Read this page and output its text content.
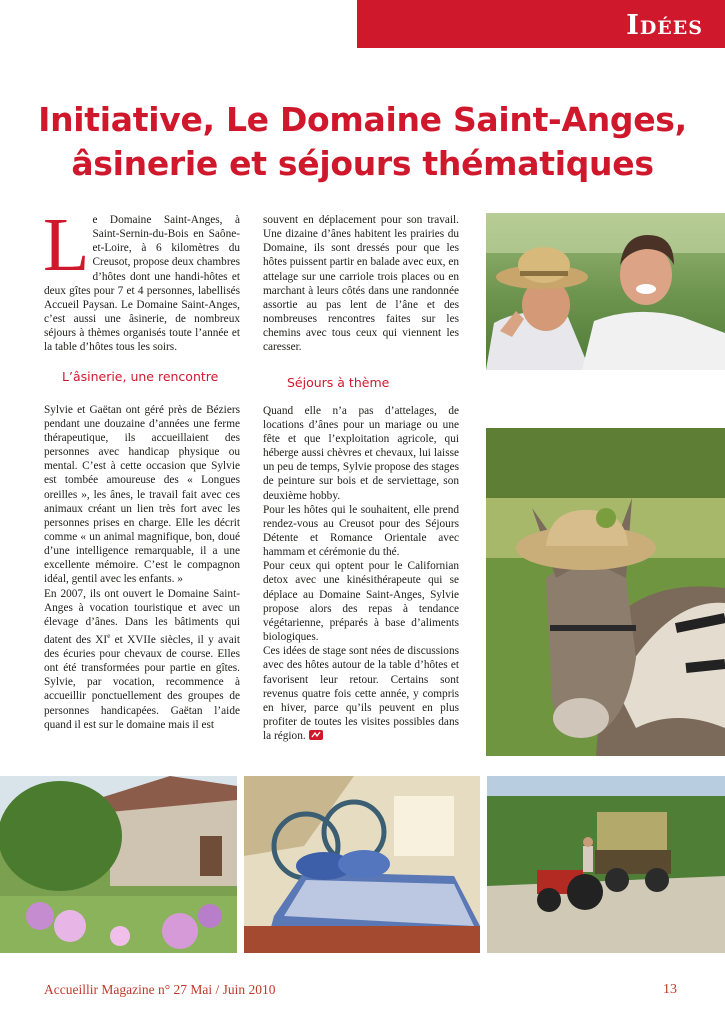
Idées
Initiative, Le Domaine Saint-Anges,
âsinerie et séjours thématiques

Le Domaine Saint-Anges, à Saint-Sernin-du-Bois en Saône-et-Loire, à 6 kilomètres du Creusot, propose deux chambres d’hôtes dont une handi-hôtes et deux gîtes pour 7 et 4 personnes, labellisés Accueil Paysan. Le Domaine Saint-Anges, c’est aussi une âsinerie, de nombreux séjours à thèmes organisés toute l’année et la table d’hôtes tous les soirs.

L’âsinerie, une rencontre

Sylvie et Gaëtan ont géré près de Béziers pendant une douzaine d’années une ferme thérapeutique, ils accueillaient des personnes avec handicap physique ou mental. C’est à cette occasion que Sylvie est tombée amoureuse des « Longues oreilles », les ânes, le travail fait avec ces animaux créant un lien très fort avec les personnes prises en charge. Elle les décrit comme « un animal magnifique, bon, doué d’une intelligence remarquable, il a une excellente mémoire. C’est le compagnon idéal, gentil avec les enfants. »

En 2007, ils ont ouvert le Domaine Saint-Anges à vocation touristique et avec un élevage d’ânes. Dans les bâtiments qui datent des XIe et XVIIe siècles, il y avait des écuries pour chevaux de course. Elles ont été transformées pour partie en gîtes. Sylvie, par vocation, recommence à accueillir ponctuellement des groupes de personnes handicapées. Gaëtan l’aide quand il est sur le domaine mais il est

souvent en déplacement pour son travail. Une dizaine d’ânes habitent les prairies du Domaine, ils sont dressés pour que les hôtes puissent partir en balade avec eux, en attelage sur une carriole trois places ou en marchant à leurs côtés dans une randonnée assortie au pas lent de l’âne et des nombreuses rencontres faites sur les chemins avec tous ceux qui viennent les caresser.

Séjours à thème

Quand elle n’a pas d’attelages, de locations d’ânes pour un mariage ou une fête et que l’exploitation agricole, qui héberge aussi chèvres et chevaux, lui laisse un peu de temps, Sylvie propose des stages de peinture sur bois et de serviettage, son deuxième hobby.

Pour les hôtes qui le souhaitent, elle prend rendez-vous au Creusot pour des Séjours Détente et Romance Orientale avec hammam et cérémonie du thé.

Pour ceux qui optent pour le Californian detox avec une kinésithérapeute qui se déplace au Domaine Saint-Anges, Sylvie propose alors des repas à tendance végétarienne, préparés à base d’aliments biologiques.

Ces idées de stage sont nées de discussions avec des hôtes autour de la table d’hôtes et favorisent leur retour. Certains sont revenus quatre fois cette année, y compris en hiver, parce qu’ils peuvent en plus profiter de toutes les visites possibles dans la région.

Accueillir Magazine n° 27 Mai / Juin 2010	13
